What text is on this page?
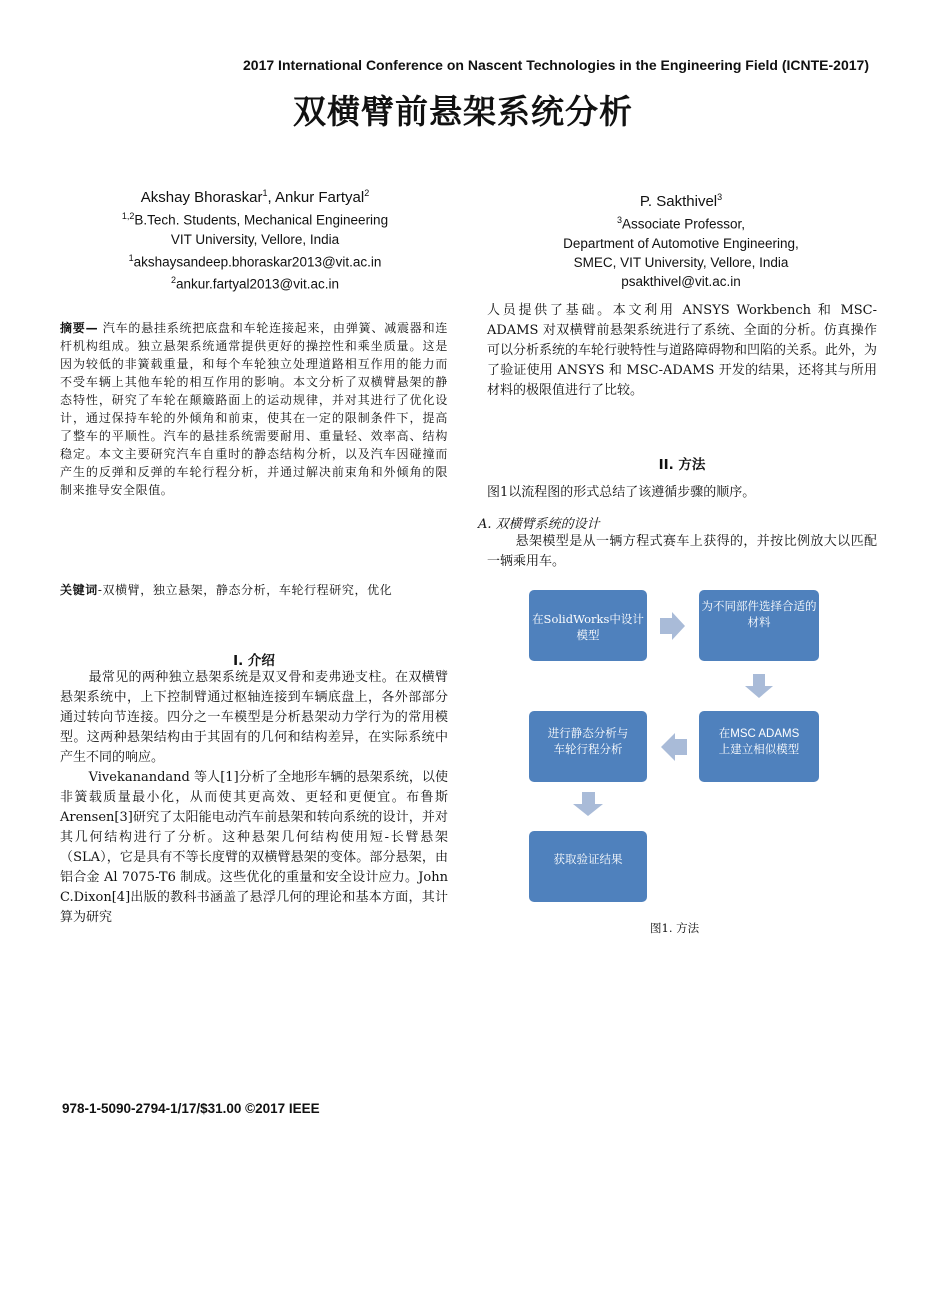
2017 International Conference on Nascent Technologies in the Engineering Field (ICNTE-2017)
双横臂前悬架系统分析
Akshay Bhoraskar$^1$, Ankur Fartyal$^2$
$^{1,2}$B.Tech. Students, Mechanical Engineering
VIT University, Vellore, India
$^1$akshaysandeep.bhoraskar2013@vit.ac.in
$^2$ankur.fartyal2013@vit.ac.in
P. Sakthivel$^3$
$^3$Associate Professor,
Department of Automotive Engineering,
SMEC, VIT University, Vellore, India
psakthivel@vit.ac.in

摘要— 汽车的悬挂系统把底盘和车轮连接起来，由弹簧、减震器和连杆机构组成。独立悬架系统通常提供更好的操控性和乘坐质量。这是因为较低的非簧载重量，和每个车轮独立处理道路相互作用的能力而不受车辆上其他车轮的相互作用的影响。本文分析了双横臂悬架的静态特性，研究了车轮在颠簸路面上的运动规律，并对其进行了优化设计，通过保持车轮的外倾角和前束，使其在一定的限制条件下，提高了整车的平顺性。汽车的悬挂系统需要耐用、重量轻、效率高、结构稳定。本文主要研究汽车自重时的静态结构分析，以及汽车因碰撞而产生的反弹和反弹的车轮行程分析，并通过解决前束角和外倾角的限制来推导安全限值。

关键词-双横臂，独立悬架，静态分析，车轮行程研究，优化

I. 介绍

最常见的两种独立悬架系统是双叉骨和麦弗逊支柱。在双横臂悬架系统中，上下控制臂通过枢轴连接到车辆底盘上，各外部部分通过转向节连接。四分之一车模型是分析悬架动力学行为的常用模型。这两种悬架结构由于其固有的几何和结构差异，在实际系统中产生不同的响应。

Vivekanandand 等人[1]分析了全地形车辆的悬架系统，以使非簧载质量最小化，从而使其更高效、更轻和更便宜。布鲁斯 Arensen[3]研究了太阳能电动汽车前悬架和转向系统的设计，并对其几何结构进行了分析。这种悬架几何结构使用短-长臂悬架（SLA），它是具有不等长度臂的双横臂悬架的变体。部分悬架，由铝合金 Al 7075-T6 制成。这些优化的重量和安全设计应力。John C.Dixon[4]出版的教科书涵盖了悬浮几何的理论和基本方面，其计算为研究

人员提供了基础。本文利用 ANSYS Workbench 和 MSC-ADAMS 对双横臂前悬架系统进行了系统、全面的分析。仿真操作可以分析系统的车轮行驶特性与道路障碍物和凹陷的关系。此外，为了验证使用 ANSYS 和 MSC-ADAMS 开发的结果，还将其与所用材料的极限值进行了比较。
II. 方法
图1以流程图的形式总结了该遵循步骤的顺序。
A. 双横臂系统的设计

悬架模型是从一辆方程式赛车上获得的，并按比例放大以匹配一辆乘用车。

在SolidWorks中设计模型
为不同部件选择合适的材料
在MSC ADAMS
上建立相似模型
进行静态分析与
车轮行程分析
获取验证结果
图1. 方法
978-1-5090-2794-1/17/$31.00 ©2017 IEEE
